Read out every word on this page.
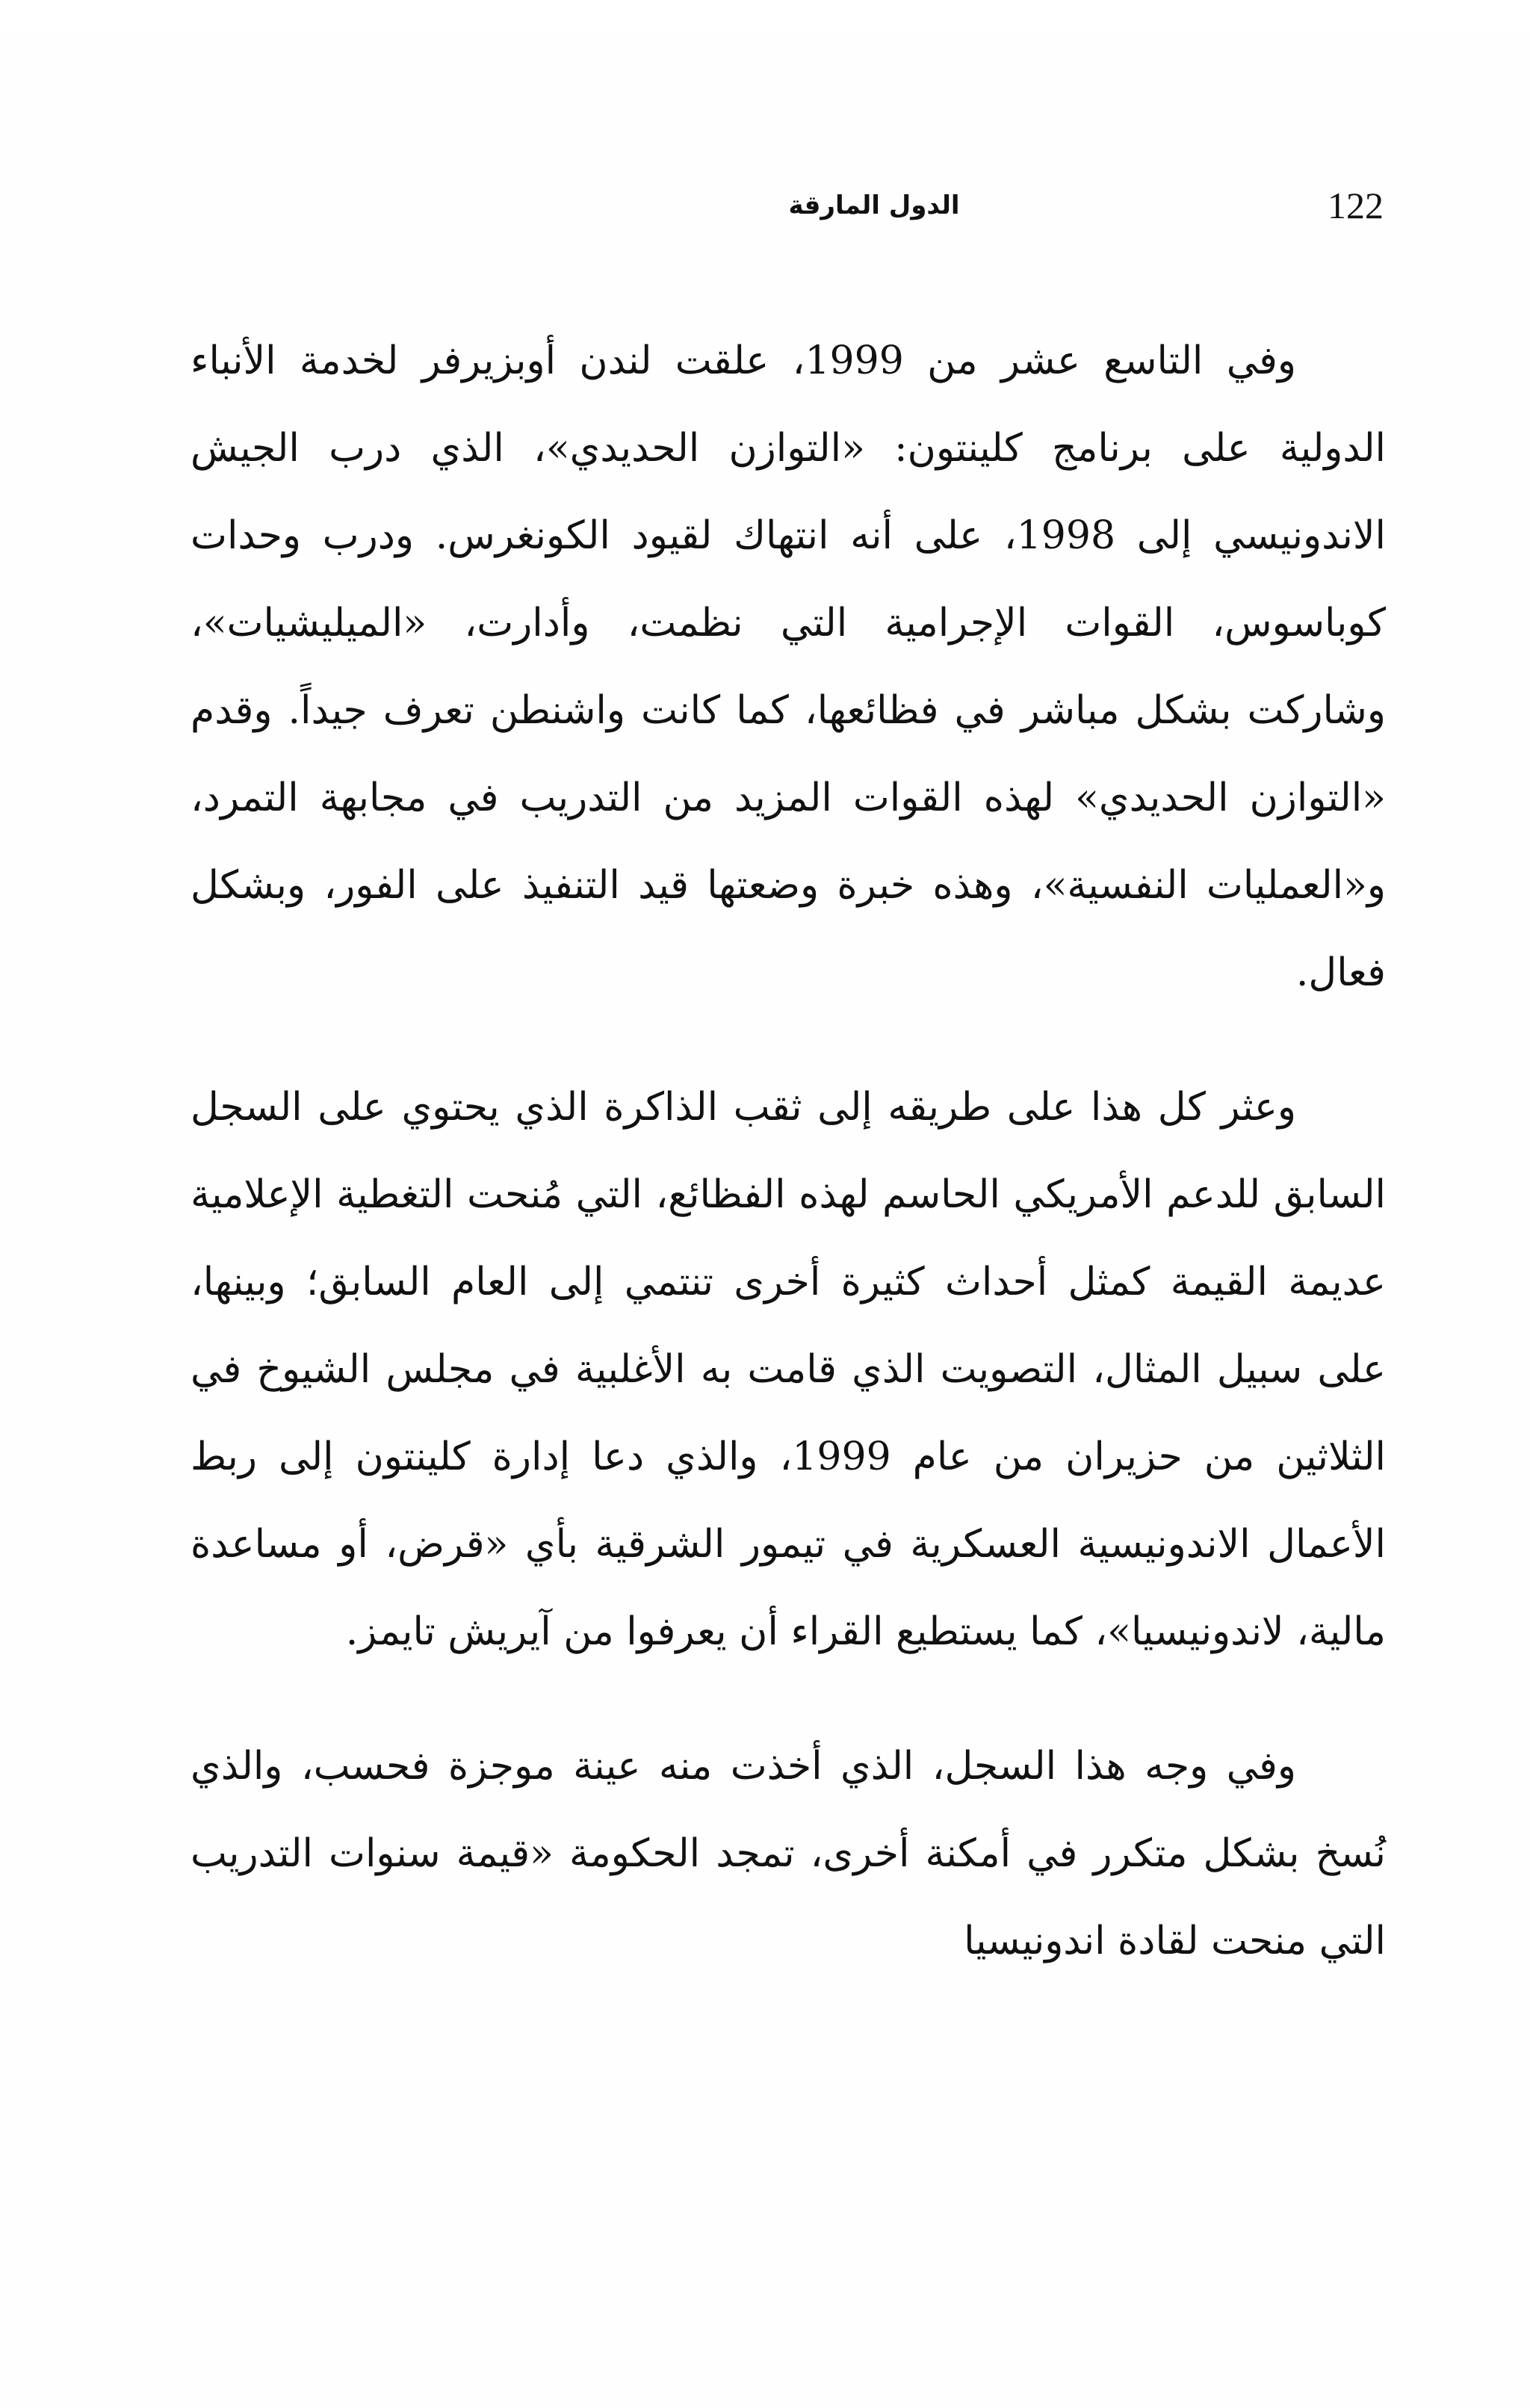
122
الدول المارقة

وفي التاسع عشر من 1999، علقت لندن أوبزيرفر لخدمة الأنباء الدولية على برنامج كلينتون: «التوازن الحديدي»، الذي درب الجيش الاندونيسي إلى 1998، على أنه انتهاك لقيود الكونغرس. ودرب وحدات كوباسوس، القوات الإجرامية التي نظمت، وأدارت، «الميليشيات»، وشاركت بشكل مباشر في فظائعها، كما كانت واشنطن تعرف جيداً. وقدم «التوازن الحديدي» لهذه القوات المزيد من التدريب في مجابهة التمرد، و«العمليات النفسية»، وهذه خبرة وضعتها قيد التنفيذ على الفور، وبشكل فعال.

وعثر كل هذا على طريقه إلى ثقب الذاكرة الذي يحتوي على السجل السابق للدعم الأمريكي الحاسم لهذه الفظائع، التي مُنحت التغطية الإعلامية عديمة القيمة كمثل أحداث كثيرة أخرى تنتمي إلى العام السابق؛ وبينها، على سبيل المثال، التصويت الذي قامت به الأغلبية في مجلس الشيوخ في الثلاثين من حزيران من عام 1999، والذي دعا إدارة كلينتون إلى ربط الأعمال الاندونيسية العسكرية في تيمور الشرقية بأي «قرض، أو مساعدة مالية، لاندونيسيا»، كما يستطيع القراء أن يعرفوا من آيريش تايمز.

وفي وجه هذا السجل، الذي أخذت منه عينة موجزة فحسب، والذي نُسخ بشكل متكرر في أمكنة أخرى، تمجد الحكومة «قيمة سنوات التدريب التي منحت لقادة اندونيسيا
